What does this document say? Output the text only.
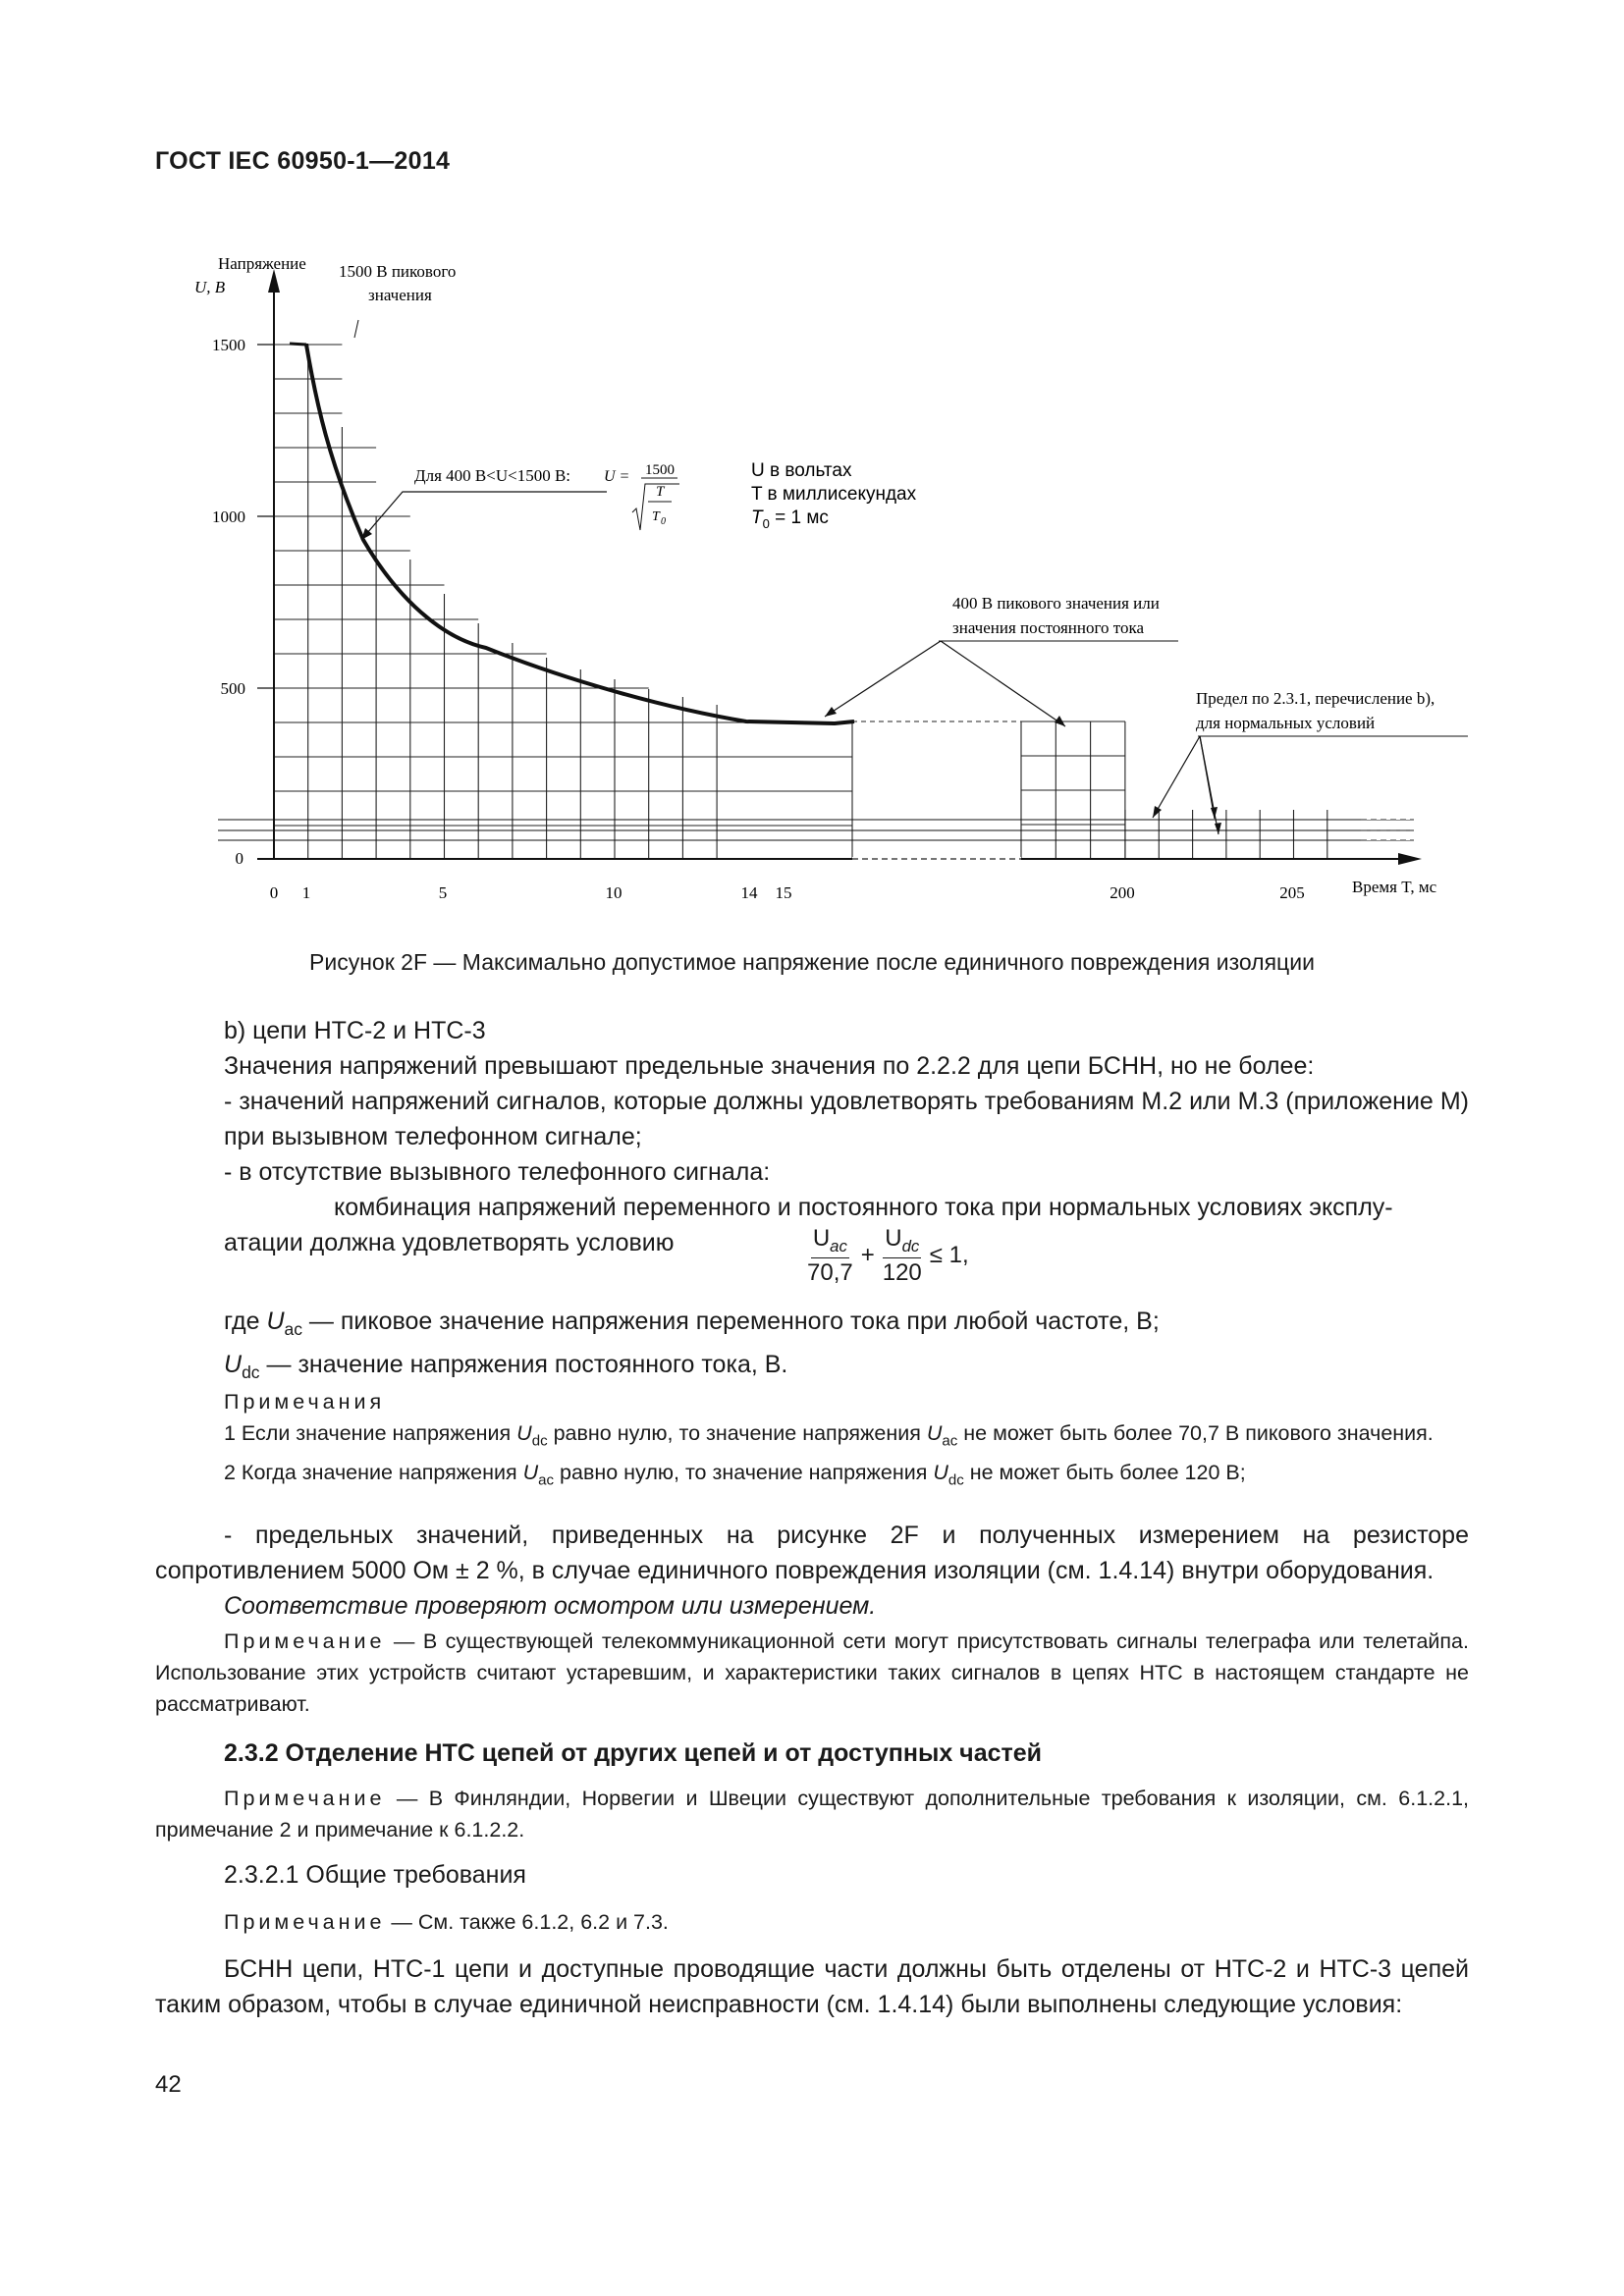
ГОСТ IEC 60950-1—2014
Напряжение
U, В
1500
1000
500
0
0 1	5	10	14 15	200	205	Время T, мс
1500 В пикового
значения
Для 400 В<U<1500 В: U = 1500
T
T 0
U в вольтах
T в миллисекундах
$T_0 = 1$ мс
400 В пикового значения или
значения постоянного тока
Предел по 2.3.1, перечисление b),
для нормальных условий
Рисунок 2F — Максимально допустимое напряжение после единичного повреждения изоляции

b) цепи НТС-2 и НТС-3

Значения напряжений превышают предельные значения по 2.2.2 для цепи БСНН, но не более:

- значений напряжений сигналов, которые должны удовлетворять требованиям М.2 или М.3 (приложение М) при вызывном телефонном сигнале;

- в отсутствие вызывного телефонного сигнала:

комбинация напряжений переменного и постоянного тока при нормальных условиях эксплу-

атации должна удовлетворять условию	$\frac{U_{ac}}{70,7} + \frac{U_{dc}}{120} \le 1$,

где $U_{ac}$ — пиковое значение напряжения переменного тока при любой частоте, В;

$U_{dc}$ — значение напряжения постоянного тока, В.

Примечания

1 Если значение напряжения $U_{dc}$ равно нулю, то значение напряжения $U_{ac}$ не может быть более 70,7 В пикового значения.

2 Когда значение напряжения $U_{ac}$ равно нулю, то значение напряжения $U_{dc}$ не может быть более 120 В;

- предельных значений, приведенных на рисунке 2F и полученных измерением на резисторе сопротивлением 5000 Ом ± 2 %, в случае единичного повреждения изоляции (см. 1.4.14) внутри оборудования.

Соответствие проверяют осмотром или измерением.

Примечание — В существующей телекоммуникационной сети могут присутствовать сигналы телеграфа или телетайпа. Использование этих устройств считают устаревшим, и характеристики таких сигналов в цепях НТС в настоящем стандарте не рассматривают.

2.3.2 Отделение НТС цепей от других цепей и от доступных частей

Примечание — В Финляндии, Норвегии и Швеции существуют дополнительные требования к изоляции, см. 6.1.2.1, примечание 2 и примечание к 6.1.2.2.

2.3.2.1 Общие требования

Примечание — См. также 6.1.2, 6.2 и 7.3.

БСНН цепи, НТС-1 цепи и доступные проводящие части должны быть отделены от НТС-2 и НТС-3 цепей таким образом, чтобы в случае единичной неисправности (см. 1.4.14) были выполнены следующие условия:

42
